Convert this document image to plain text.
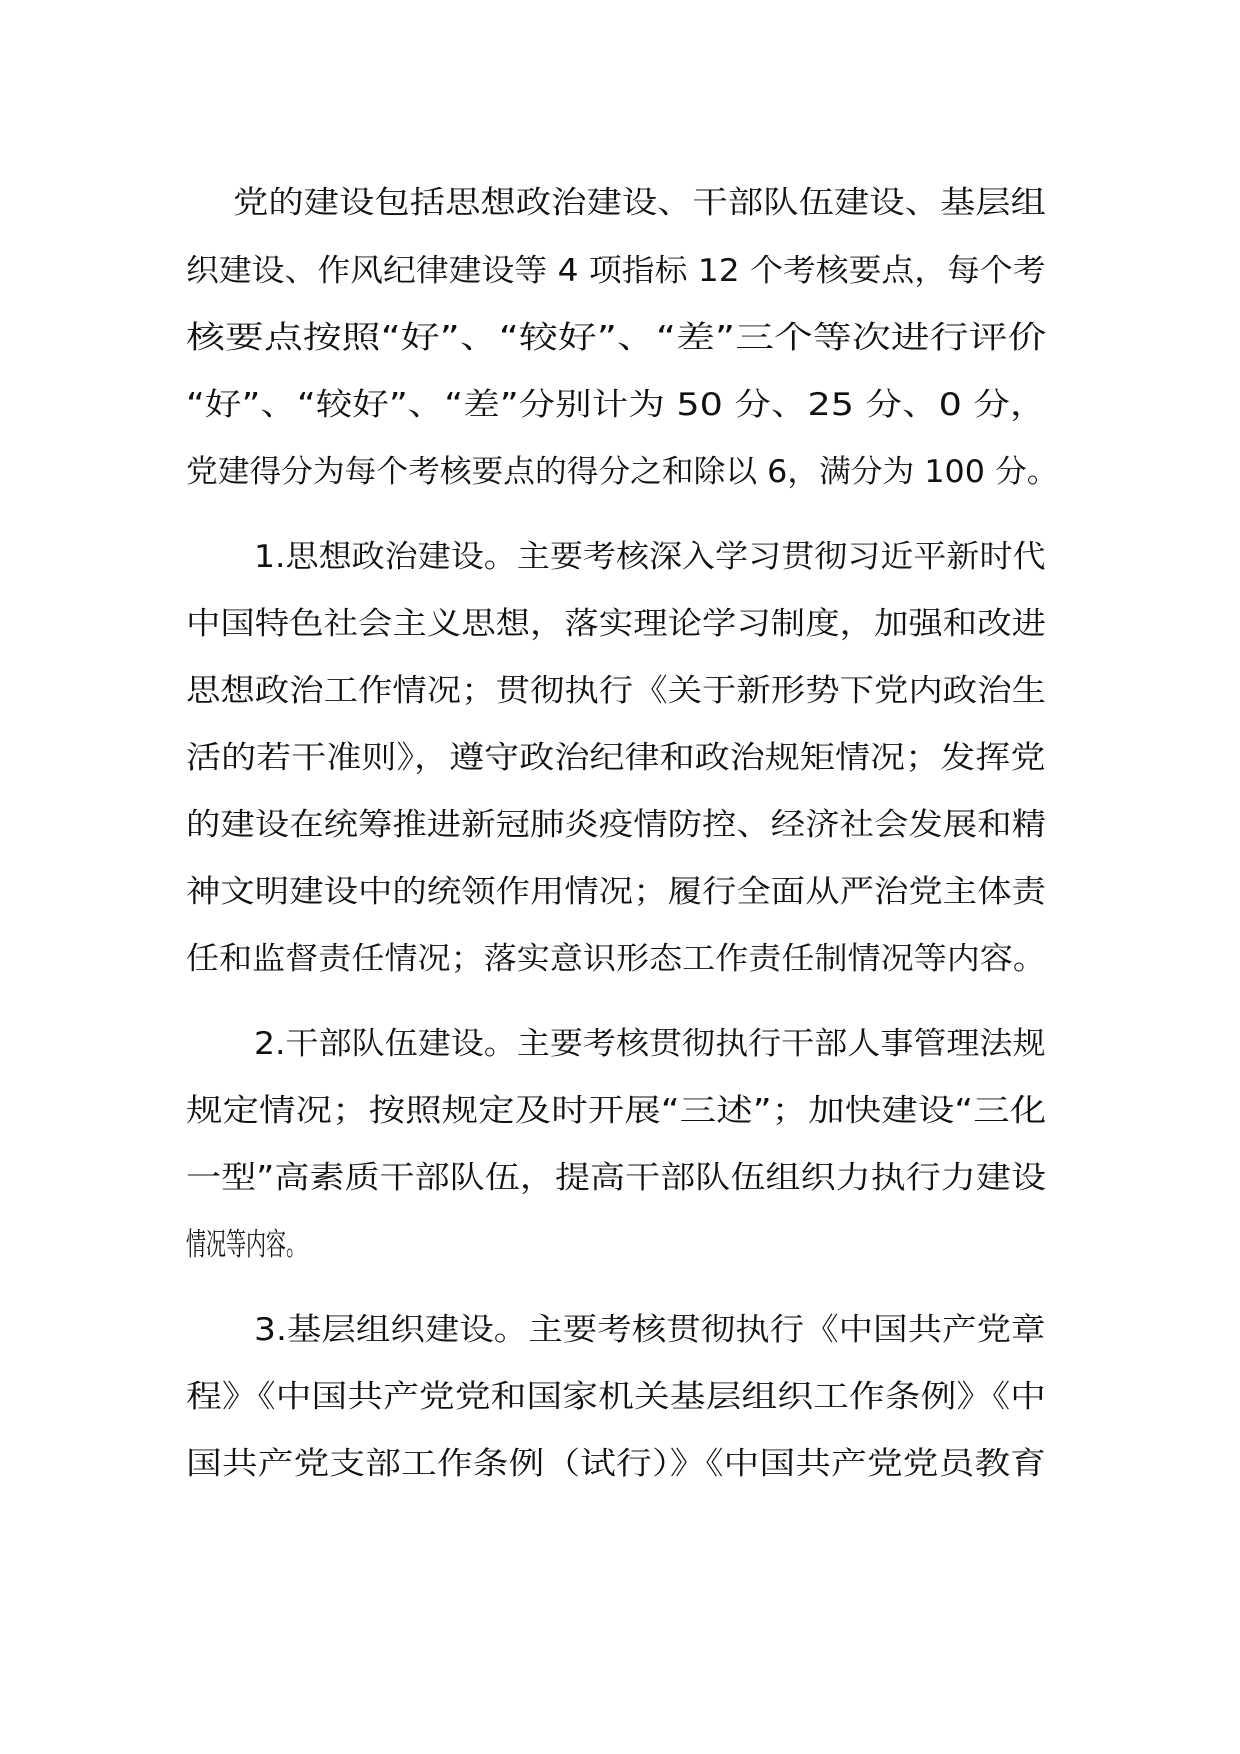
党的建设包括思想政治建设、干部队伍建设、基层组

织建设、作风纪律建设等 4 项指标 12 个考核要点，每个考

核要点按照“好”、“较好”、“差”三个等次进行评价

“好”、“较好”、“差”分别计为 50 分、25 分、0 分，

党建得分为每个考核要点的得分之和除以 6，满分为 100 分。

1.思想政治建设。主要考核深入学习贯彻习近平新时代

中国特色社会主义思想，落实理论学习制度，加强和改进

思想政治工作情况；贯彻执行《关于新形势下党内政治生

活的若干准则》，遵守政治纪律和政治规矩情况；发挥党

的建设在统筹推进新冠肺炎疫情防控、经济社会发展和精

神文明建设中的统领作用情况；履行全面从严治党主体责

任和监督责任情况；落实意识形态工作责任制情况等内容。

2.干部队伍建设。主要考核贯彻执行干部人事管理法规

规定情况；按照规定及时开展“三述”；加快建设“三化

一型”高素质干部队伍，提高干部队伍组织力执行力建设

情况等内容。

3.基层组织建设。主要考核贯彻执行《中国共产党章

程》《中国共产党党和国家机关基层组织工作条例》《中

国共产党支部工作条例（试行）》《中国共产党党员教育
